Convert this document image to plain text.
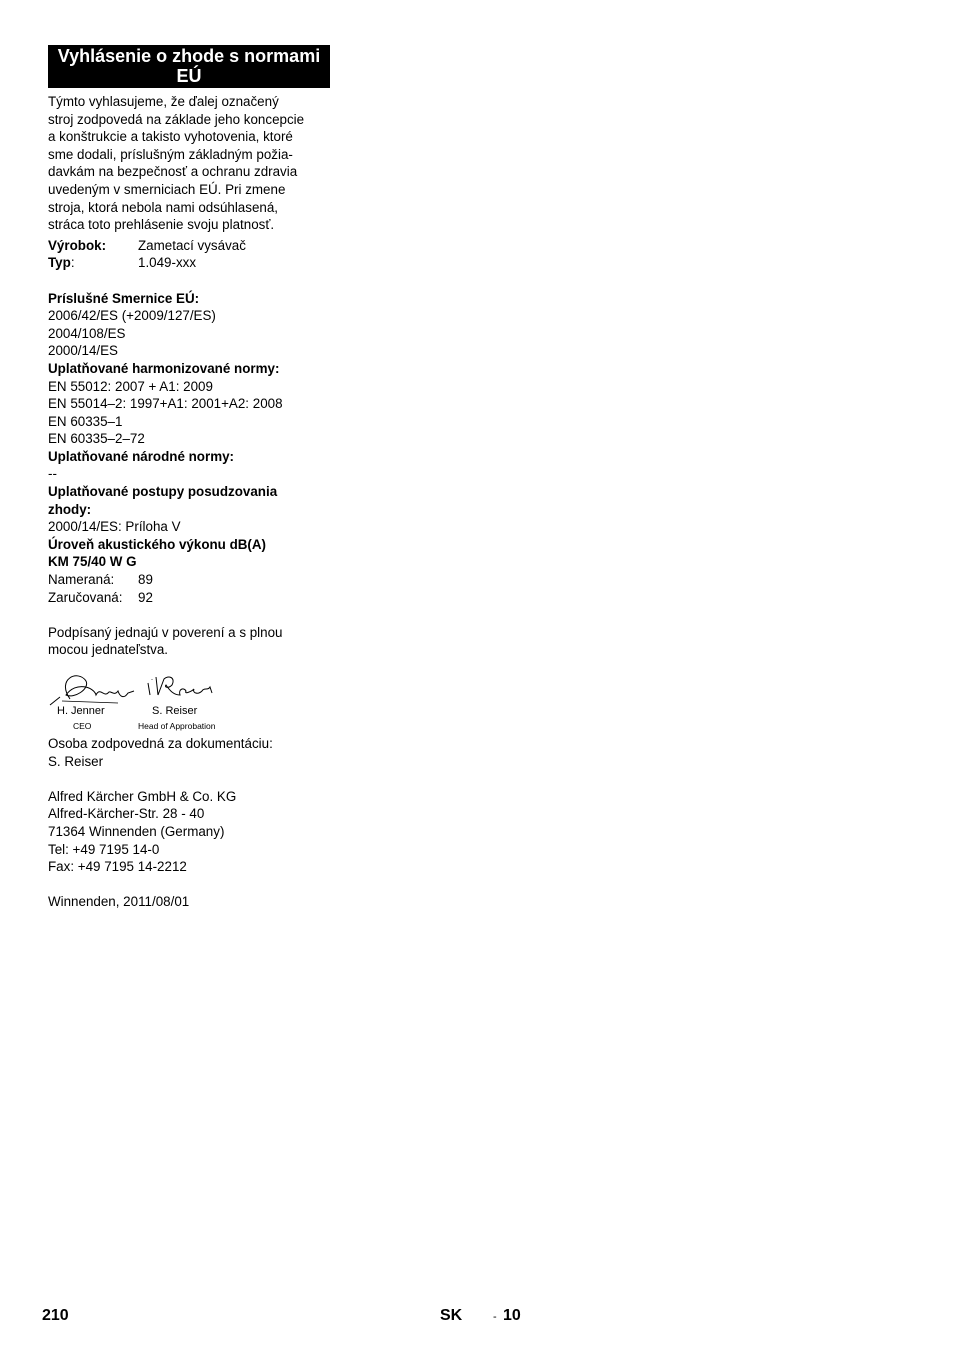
Vyhlásenie o zhode s normami EÚ

Týmto vyhlasujeme, že ďalej označený
stroj zodpovedá na základe jeho koncepcie
a konštrukcie a takisto vyhotovenia, ktoré
sme dodali, príslušným základným požia-
davkám na bezpečnosť a ochranu zdravia
uvedeným v smerniciach EÚ. Pri zmene
stroja, ktorá nebola nami odsúhlasená,
stráca toto prehlásenie svoju platnosť.

Výrobok:	Zametací vysávač
Typ:	1.049-xxx
Príslušné Smernice EÚ:
2006/42/ES (+2009/127/ES)
2004/108/ES
2000/14/ES
Uplatňované harmonizované normy:
EN 55012: 2007 + A1: 2009
EN 55014–2: 1997+A1: 2001+A2: 2008
EN 60335–1
EN 60335–2–72
Uplatňované národné normy:
--
Uplatňované postupy posudzovania
zhody:
2000/14/ES: Príloha V
Úroveň akustického výkonu dB(A)
KM 75/40 W G
Nameraná:	89
Zaručovaná:	92

Podpísaný jednajú v poverení a s plnou
mocou jednateľstva.

H. Jenner	S. Reiser
CEO	Head of Approbation

Osoba zodpovedná za dokumentáciu:
S. Reiser

Alfred Kärcher GmbH & Co. KG
Alfred-Kärcher-Str. 28 - 40
71364 Winnenden (Germany)
Tel: +49 7195 14-0
Fax: +49 7195 14-2212

Winnenden, 2011/08/01
210	SK	- 10
